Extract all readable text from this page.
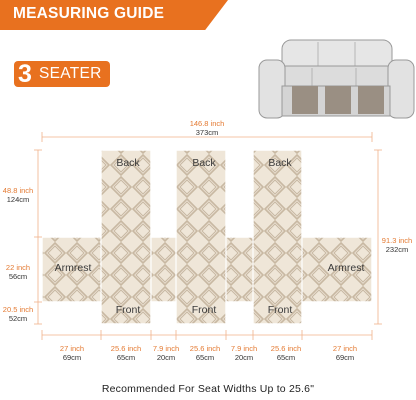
MEASURING GUIDE
3 SEATER
Back	Back	Back
Armrest	Armrest
Front	Front	Front
146.8 inch
373cm
48.8 inch
124cm
22 inch
56cm
20.5 inch
52cm
91.3 inch
232cm
27 inch
69cm
25.6 inch
65cm
7.9 inch
20cm
25.6 inch
65cm
7.9 inch
20cm
25.6 inch
65cm
27 inch
69cm
Recommended For Seat Widths Up to 25.6"
